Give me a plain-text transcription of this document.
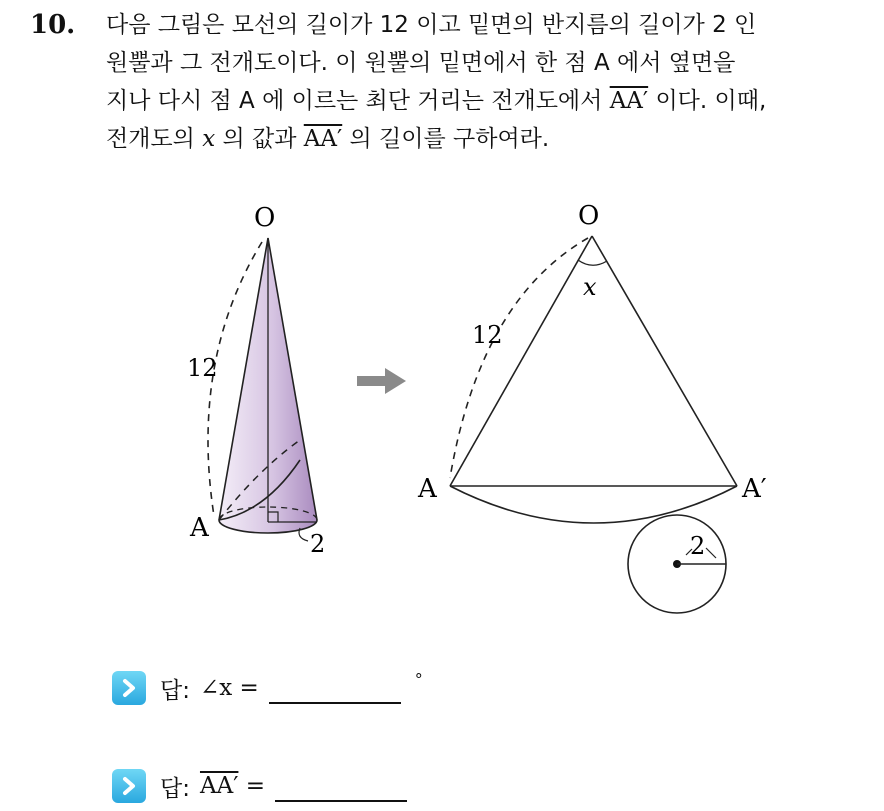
10. 다음 그림은 모선의 길이가 12 이고 밑면의 반지름의 길이가 2 인

원뿔과 그 전개도이다. 이 원뿔의 밑면에서 한 점 A 에서 옆면을

지나 다시 점 A 에 이르는 최단 거리는 전개도에서 AA′ 이다. 이때,

전개도의 x 의 값과 AA′ 의 길이를 구하여라.

O
12
A
2
O
x
12
A	A′
2
답: ∠x =	°
답: AA′ =
